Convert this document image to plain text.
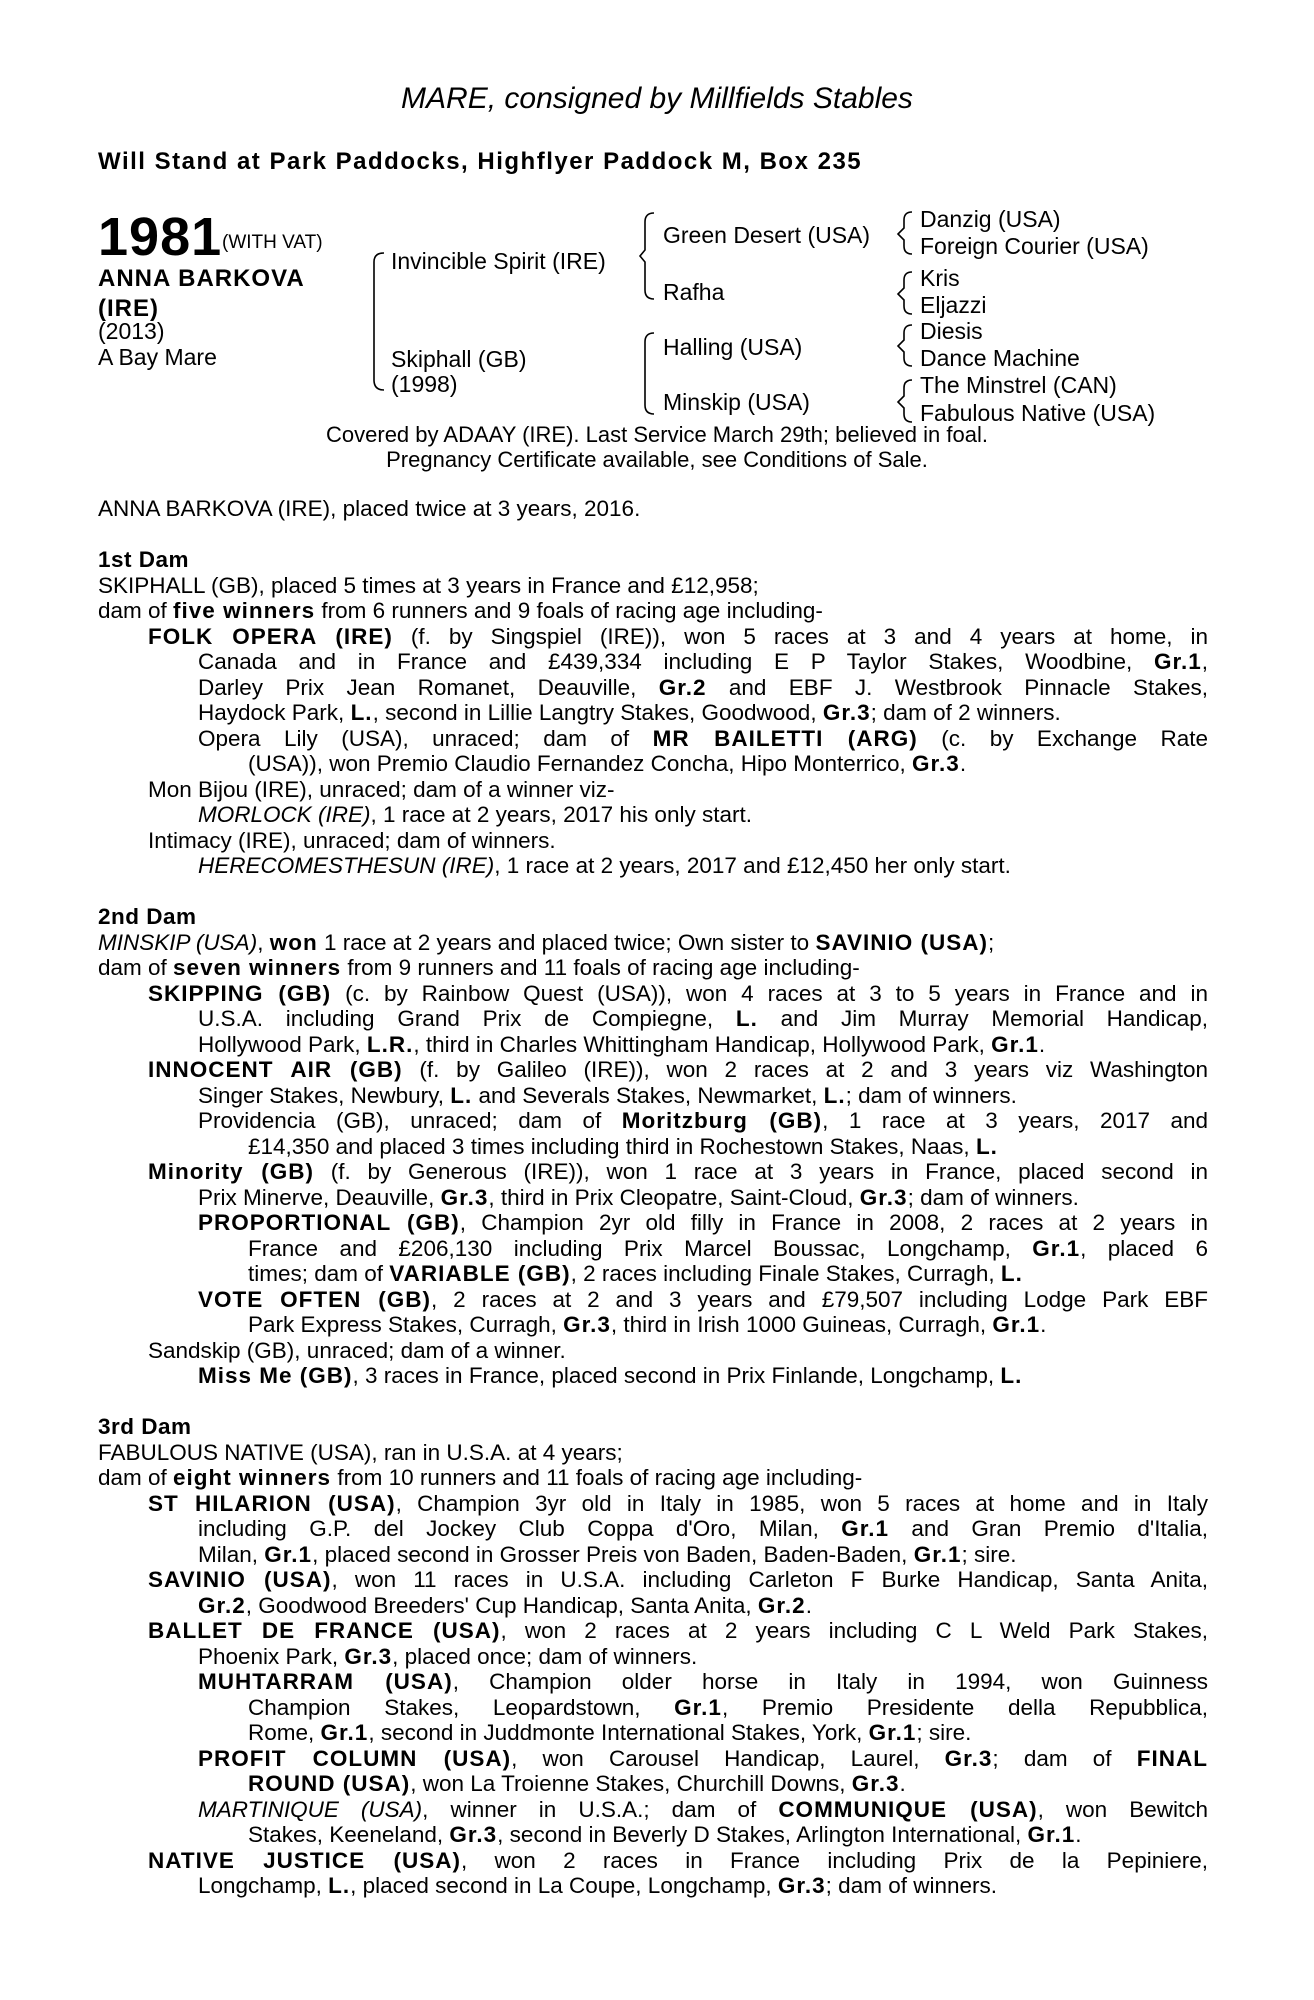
MARE, consigned by Millfields Stables
Will Stand at Park Paddocks, Highflyer Paddock M, Box 235
1981 (WITH VAT)
ANNA BARKOVA
(IRE)
(2013)
A Bay Mare
Invincible Spirit (IRE)
Skiphall (GB)
(1998)
Green Desert (USA)
Rafha
Halling (USA)
Minskip (USA)
Danzig (USA)
Foreign Courier (USA)
Kris
Eljazzi
Diesis
Dance Machine
The Minstrel (CAN)
Fabulous Native (USA)
Covered by ADAAY (IRE). Last Service March 29th; believed in foal.
Pregnancy Certificate available, see Conditions of Sale.
ANNA BARKOVA (IRE), placed twice at 3 years, 2016.
1st Dam
SKIPHALL (GB), placed 5 times at 3 years in France and £12,958;
dam of five winners from 6 runners and 9 foals of racing age including-
FOLK OPERA (IRE) (f. by Singspiel (IRE)), won 5 races at 3 and 4 years at home, in
Canada and in France and £439,334 including E P Taylor Stakes, Woodbine, Gr.1,
Darley Prix Jean Romanet, Deauville, Gr.2 and EBF J. Westbrook Pinnacle Stakes,
Haydock Park, L., second in Lillie Langtry Stakes, Goodwood, Gr.3; dam of 2 winners.
Opera Lily (USA), unraced; dam of MR BAILETTI (ARG) (c. by Exchange Rate
(USA)), won Premio Claudio Fernandez Concha, Hipo Monterrico, Gr.3.
Mon Bijou (IRE), unraced; dam of a winner viz-
MORLOCK (IRE), 1 race at 2 years, 2017 his only start.
Intimacy (IRE), unraced; dam of winners.
HERECOMESTHESUN (IRE), 1 race at 2 years, 2017 and £12,450 her only start.
2nd Dam
MINSKIP (USA), won 1 race at 2 years and placed twice; Own sister to SAVINIO (USA);
dam of seven winners from 9 runners and 11 foals of racing age including-
SKIPPING (GB) (c. by Rainbow Quest (USA)), won 4 races at 3 to 5 years in France and in
U.S.A. including Grand Prix de Compiegne, L. and Jim Murray Memorial Handicap,
Hollywood Park, L.R., third in Charles Whittingham Handicap, Hollywood Park, Gr.1.
INNOCENT AIR (GB) (f. by Galileo (IRE)), won 2 races at 2 and 3 years viz Washington
Singer Stakes, Newbury, L. and Severals Stakes, Newmarket, L.; dam of winners.
Providencia (GB), unraced; dam of Moritzburg (GB), 1 race at 3 years, 2017 and
£14,350 and placed 3 times including third in Rochestown Stakes, Naas, L.
Minority (GB) (f. by Generous (IRE)), won 1 race at 3 years in France, placed second in
Prix Minerve, Deauville, Gr.3, third in Prix Cleopatre, Saint-Cloud, Gr.3; dam of winners.
PROPORTIONAL (GB), Champion 2yr old filly in France in 2008, 2 races at 2 years in
France and £206,130 including Prix Marcel Boussac, Longchamp, Gr.1, placed 6
times; dam of VARIABLE (GB), 2 races including Finale Stakes, Curragh, L.
VOTE OFTEN (GB), 2 races at 2 and 3 years and £79,507 including Lodge Park EBF
Park Express Stakes, Curragh, Gr.3, third in Irish 1000 Guineas, Curragh, Gr.1.
Sandskip (GB), unraced; dam of a winner.
Miss Me (GB), 3 races in France, placed second in Prix Finlande, Longchamp, L.
3rd Dam
FABULOUS NATIVE (USA), ran in U.S.A. at 4 years;
dam of eight winners from 10 runners and 11 foals of racing age including-
ST HILARION (USA), Champion 3yr old in Italy in 1985, won 5 races at home and in Italy
including G.P. del Jockey Club Coppa d'Oro, Milan, Gr.1 and Gran Premio d'Italia,
Milan, Gr.1, placed second in Grosser Preis von Baden, Baden-Baden, Gr.1; sire.
SAVINIO (USA), won 11 races in U.S.A. including Carleton F Burke Handicap, Santa Anita,
Gr.2, Goodwood Breeders' Cup Handicap, Santa Anita, Gr.2.
BALLET DE FRANCE (USA), won 2 races at 2 years including C L Weld Park Stakes,
Phoenix Park, Gr.3, placed once; dam of winners.
MUHTARRAM (USA), Champion older horse in Italy in 1994, won Guinness
Champion Stakes, Leopardstown, Gr.1, Premio Presidente della Repubblica,
Rome, Gr.1, second in Juddmonte International Stakes, York, Gr.1; sire.
PROFIT COLUMN (USA), won Carousel Handicap, Laurel, Gr.3; dam of FINAL
ROUND (USA), won La Troienne Stakes, Churchill Downs, Gr.3.
MARTINIQUE (USA), winner in U.S.A.; dam of COMMUNIQUE (USA), won Bewitch
Stakes, Keeneland, Gr.3, second in Beverly D Stakes, Arlington International, Gr.1.
NATIVE JUSTICE (USA), won 2 races in France including Prix de la Pepiniere,
Longchamp, L., placed second in La Coupe, Longchamp, Gr.3; dam of winners.
